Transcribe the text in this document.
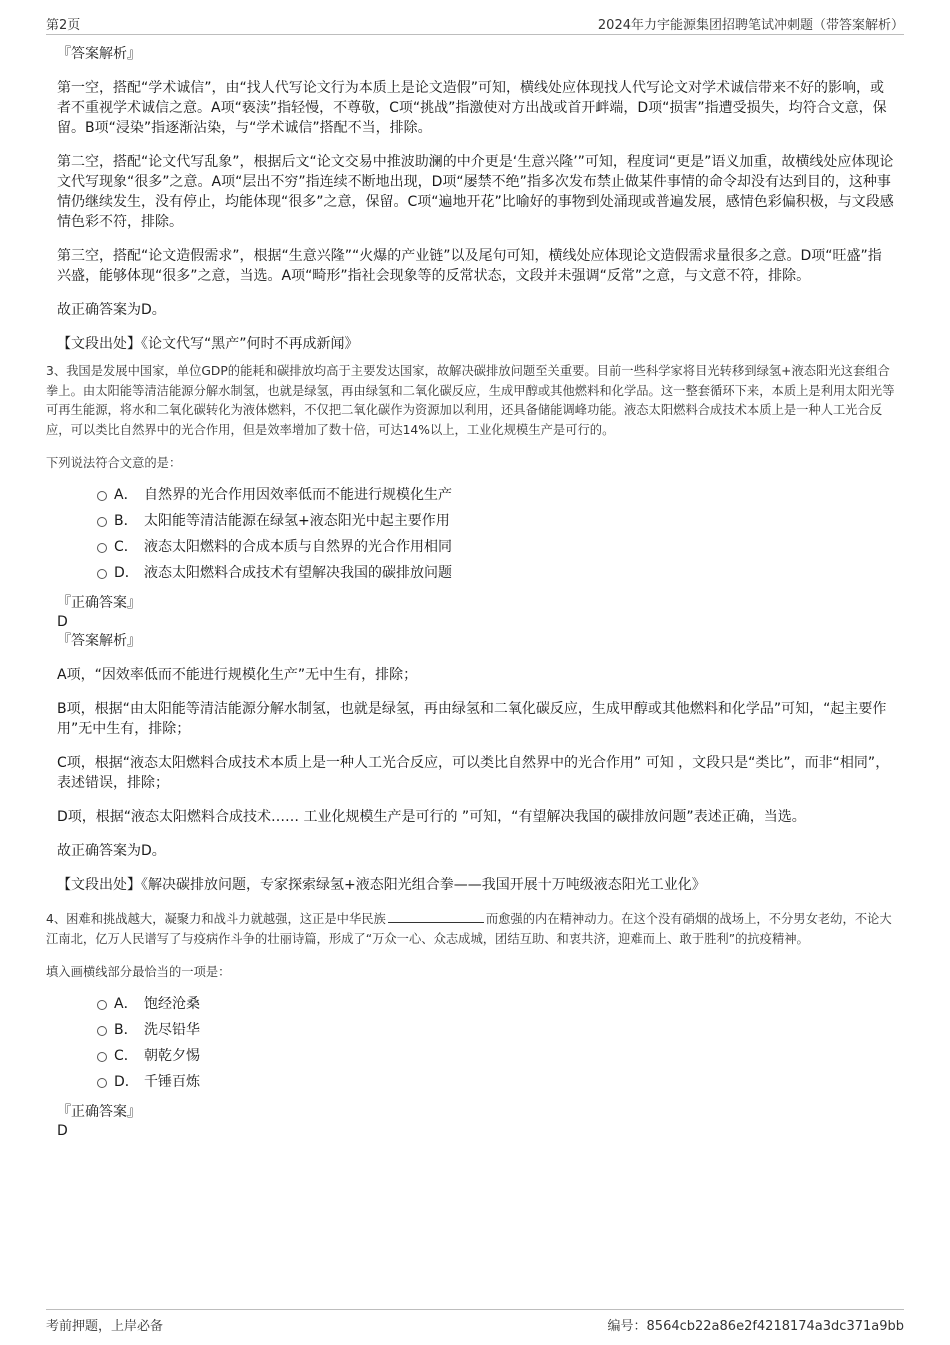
第2页	2024年力宇能源集团招聘笔试冲刺题（带答案解析）

『答案解析』

第一空，搭配“学术诚信”，由“找人代写论文行为本质上是论文造假”可知，横线处应体现找人代写论文对学术诚信带来不好的影响，或者不重视学术诚信之意。A项“亵渎”指轻慢，不尊敬，C项“挑战”指激使对方出战或首开衅端，D项“损害”指遭受损失，均符合文意，保留。B项“浸染”指逐渐沾染，与“学术诚信”搭配不当，排除。

第二空，搭配“论文代写乱象”，根据后文“论文交易中推波助澜的中介更是‘生意兴隆’”可知，程度词“更是”语义加重，故横线处应体现论文代写现象“很多”之意。A项“层出不穷”指连续不断地出现，D项“屡禁不绝”指多次发布禁止做某件事情的命令却没有达到目的，这种事情仍继续发生，没有停止，均能体现“很多”之意，保留。C项“遍地开花”比喻好的事物到处涌现或普遍发展，感情色彩偏积极，与文段感情色彩不符，排除。

第三空，搭配“论文造假需求”，根据“生意兴隆”“火爆的产业链”以及尾句可知，横线处应体现论文造假需求量很多之意。D项“旺盛”指兴盛，能够体现“很多”之意，当选。A项“畸形”指社会现象等的反常状态，文段并未强调“反常”之意，与文意不符，排除。

故正确答案为D。

【文段出处】《论文代写“黑产”何时不再成新闻》

3、我国是发展中国家，单位GDP的能耗和碳排放均高于主要发达国家，故解决碳排放问题至关重要。目前一些科学家将目光转移到绿氢+液态阳光这套组合拳上。由太阳能等清洁能源分解水制氢，也就是绿氢，再由绿氢和二氧化碳反应，生成甲醇或其他燃料和化学品。这一整套循环下来，本质上是利用太阳光等可再生能源，将水和二氧化碳转化为液体燃料，不仅把二氧化碳作为资源加以利用，还具备储能调峰功能。液态太阳燃料合成技术本质上是一种人工光合反应，可以类比自然界中的光合作用，但是效率增加了数十倍，可达14%以上，工业化规模生产是可行的。

下列说法符合文意的是：

A． 自然界的光合作用因效率低而不能进行规模化生产
B． 太阳能等清洁能源在绿氢+液态阳光中起主要作用
C． 液态太阳燃料的合成本质与自然界的光合作用相同
D． 液态太阳燃料合成技术有望解决我国的碳排放问题

『正确答案』

D

『答案解析』

A项，“因效率低而不能进行规模化生产”无中生有，排除；

B项，根据“由太阳能等清洁能源分解水制氢，也就是绿氢，再由绿氢和二氧化碳反应，生成甲醇或其他燃料和化学品”可知，“起主要作用”无中生有，排除；

C项，根据“液态太阳燃料合成技术本质上是一种人工光合反应，可以类比自然界中的光合作用” 可知 ，文段只是“类比”，而非“相同”，表述错误，排除；

D项，根据“液态太阳燃料合成技术…… 工业化规模生产是可行的 ”可知，“有望解决我国的碳排放问题”表述正确，当选。

故正确答案为D。

【文段出处】《解决碳排放问题，专家探索绿氢+液态阳光组合拳——我国开展十万吨级液态阳光工业化》

4、困难和挑战越大，凝聚力和战斗力就越强，这正是中华民族	而愈强的内在精神动力。在这个没有硝烟的战场上，不分男女老幼，不论大江南北，亿万人民谱写了与疫病作斗争的壮丽诗篇，形成了“万众一心、众志成城，团结互助、和衷共济，迎难而上、敢于胜利”的抗疫精神。

填入画横线部分最恰当的一项是：

A． 饱经沧桑
B． 洗尽铅华
C． 朝乾夕惕
D． 千锤百炼

『正确答案』

D

考前押题，上岸必备	编号：8564cb22a86e2f4218174a3dc371a9bb
